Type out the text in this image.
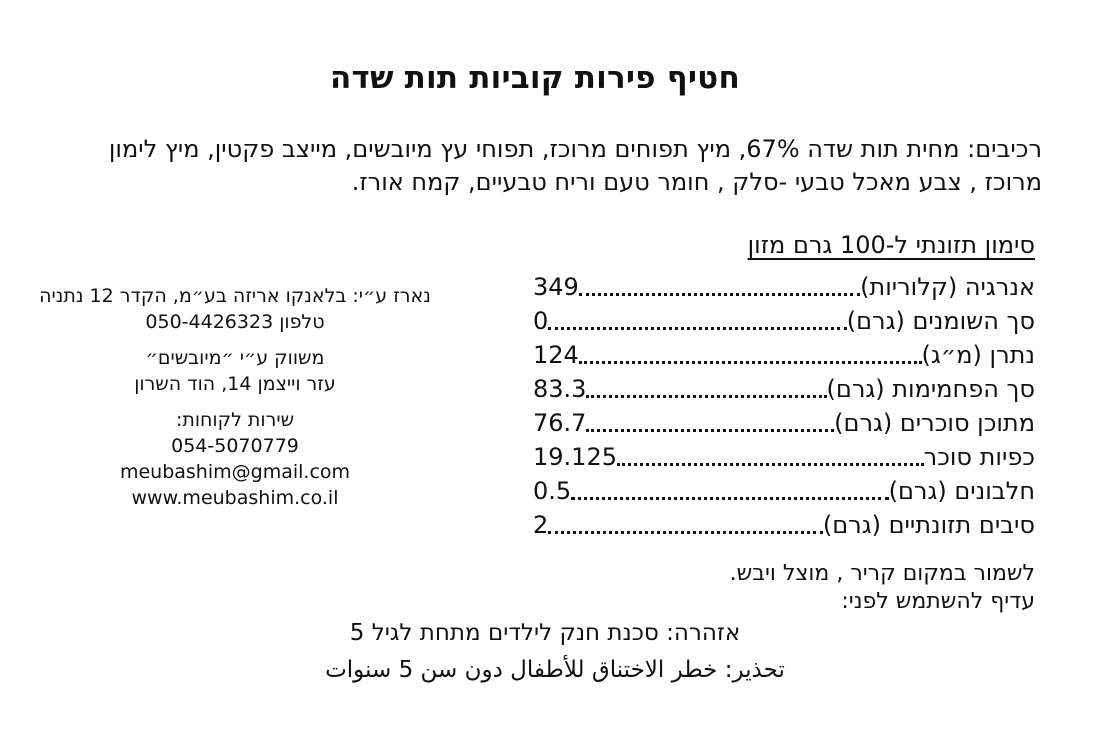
חטיף פירות קוביות תות שדה
רכיבים: מחית תות שדה 67%, מיץ תפוחים מרוכז, תפוחי עץ מיובשים, מייצב פקטין, מיץ לימון
מרוכז , צבע מאכל טבעי -סלק , חומר טעם וריח טבעיים, קמח אורז.
סימון תזונתי ל-100 גרם מזון
אנרגיה (קלוריות)
349
סך השומנים (גרם)
0
נתרן (מ״ג)
124
סך הפחמימות (גרם)
83.3
מתוכן סוכרים (גרם)
76.7
כפיות סוכר
19.125
חלבונים (גרם)
0.5
סיבים תזונתיים (גרם)
2
לשמור במקום קריר , מוצל ויבש.
עדיף להשתמש לפני:
אזהרה: סכנת חנק לילדים מתחת לגיל 5
تحذير: خطر الاختناق للأطفال دون سن 5 سنوات
נארז ע״י: בלאנקו אריזה בע״מ, הקדר 12 נתניה
טלפון 050-4426323
משווק ע״י ״מיובשים״
עזר וייצמן 14, הוד השרון
שירות לקוחות:
054-5070779
meubashim@gmail.com
www.meubashim.co.il
